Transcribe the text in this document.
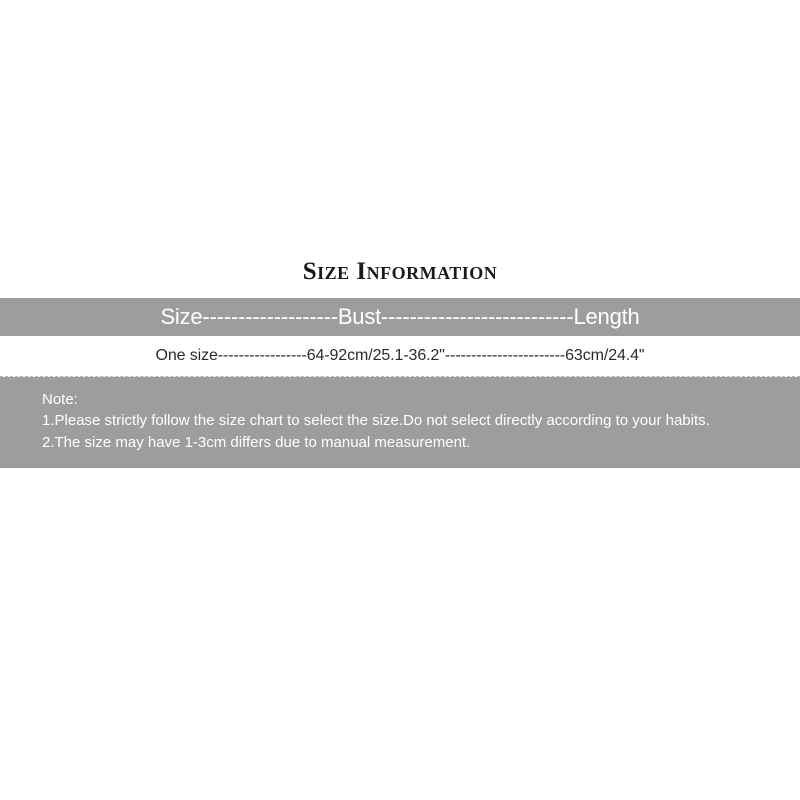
Size Information
Size-------------------Bust---------------------------Length
One size-----------------64-92cm/25.1-36.2"-----------------------63cm/24.4"
Note:
1.Please strictly follow the size chart to select the size.Do not select directly according to your habits.
2.The size may have 1-3cm differs due to manual measurement.
